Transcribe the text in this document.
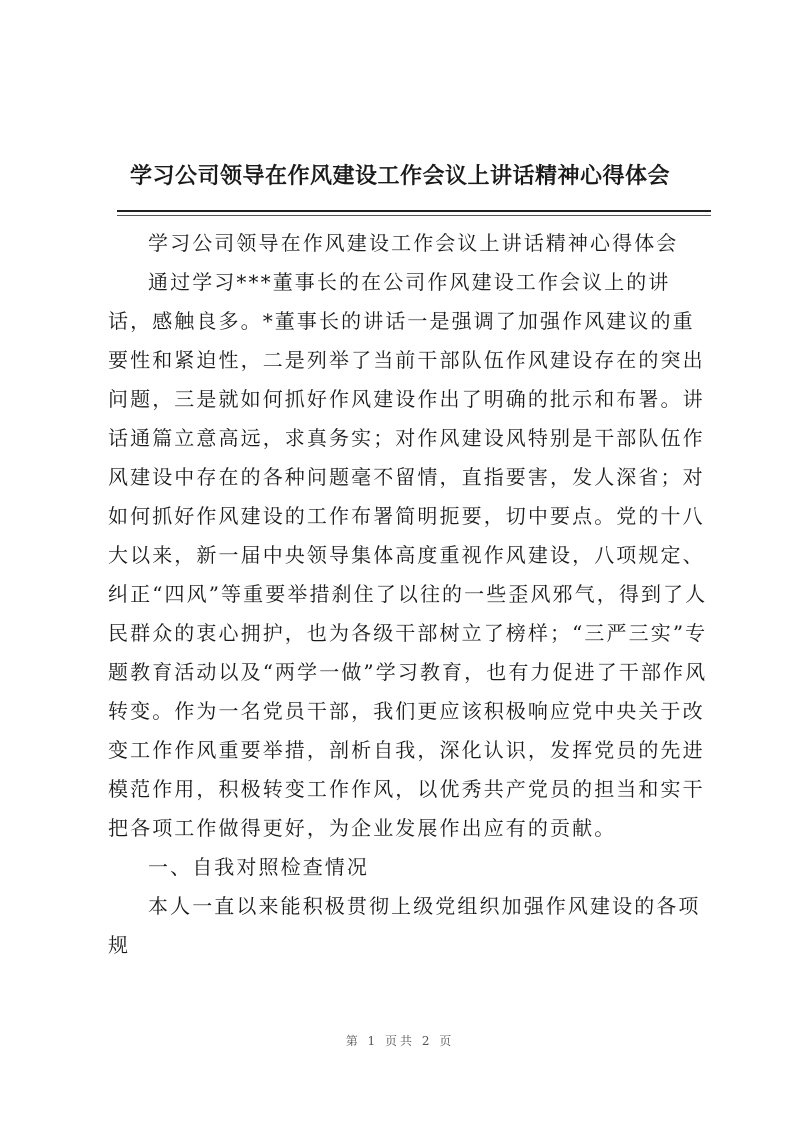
学习公司领导在作风建设工作会议上讲话精神心得体会

学习公司领导在作风建设工作会议上讲话精神心得体会

通过学习***董事长的在公司作风建设工作会议上的讲话，感触良多。*董事长的讲话一是强调了加强作风建议的重要性和紧迫性，二是列举了当前干部队伍作风建设存在的突出问题，三是就如何抓好作风建设作出了明确的批示和布署。讲话通篇立意高远，求真务实；对作风建设风特别是干部队伍作风建设中存在的各种问题毫不留情，直指要害，发人深省；对如何抓好作风建设的工作布署简明扼要，切中要点。党的十八大以来，新一届中央领导集体高度重视作风建设，八项规定、纠正“四风”等重要举措刹住了以往的一些歪风邪气，得到了人民群众的衷心拥护，也为各级干部树立了榜样；“三严三实”专题教育活动以及“两学一做”学习教育，也有力促进了干部作风转变。作为一名党员干部，我们更应该积极响应党中央关于改变工作作风重要举措，剖析自我，深化认识，发挥党员的先进模范作用，积极转变工作作风，以优秀共产党员的担当和实干把各项工作做得更好，为企业发展作出应有的贡献。

一、自我对照检查情况

本人一直以来能积极贯彻上级党组织加强作风建设的各项规

第 1 页共 2 页
